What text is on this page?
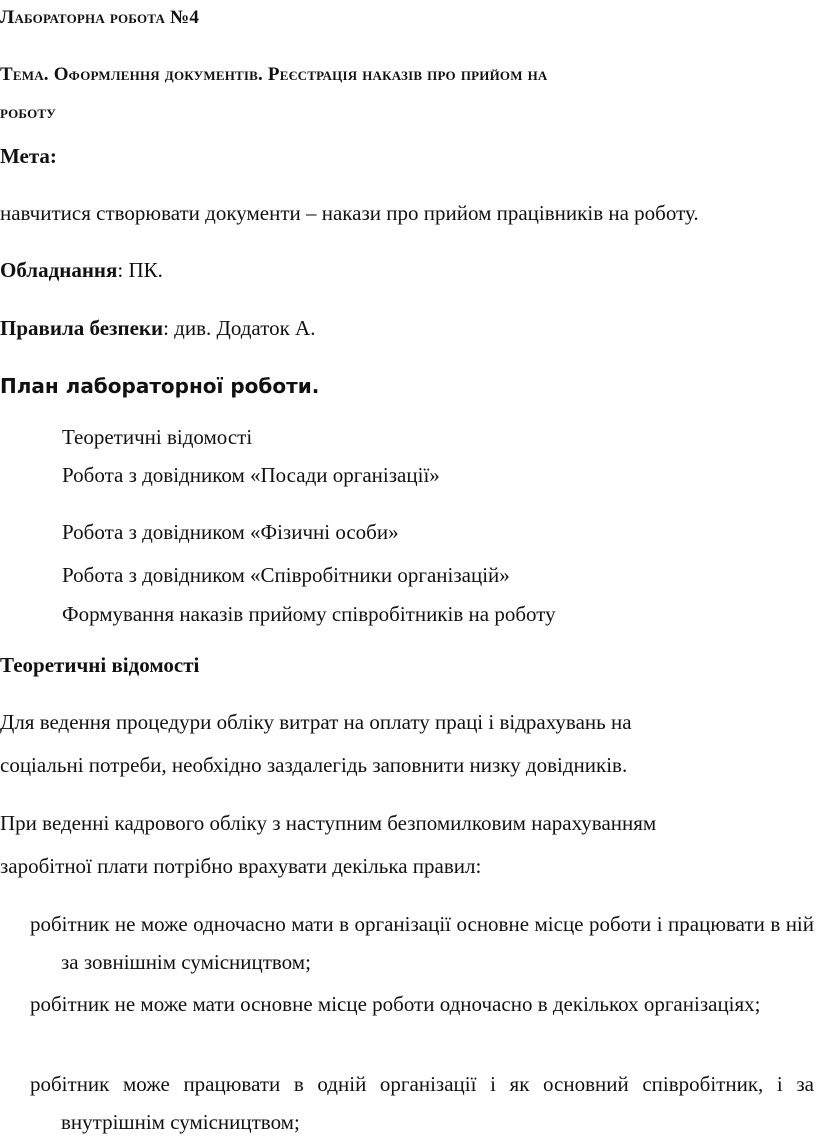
Лабораторна робота №4
Тема. Оформлення документів. Реєстрація наказів про прийом на
роботу
Мета:
навчитися створювати документи – накази про прийом працівників на роботу.
Обладнання: ПК.
Правила безпеки: див. Додаток А.
План лабораторної роботи.
Теоретичні відомості
Робота з довідником «Посади організації»
Робота з довідником «Фізичні особи»
Робота з довідником «Співробітники організацій»
Формування наказів прийому співробітників на роботу
Теоретичні відомості
Для ведення процедури обліку витрат на оплату праці і відрахувань на
соціальні потреби, необхідно заздалегідь заповнити низку довідників.
При веденні кадрового обліку з наступним безпомилковим нарахуванням
заробітної плати потрібно врахувати декілька правил:

робітник не може одночасно мати в організації основне місце роботи і працювати в ній за зовнішнім сумісництвом;

робітник не може мати основне місце роботи одночасно в декількох організаціях;

робітник може працювати в одній організації і як основний співробітник, і за внутрішнім сумісництвом;
